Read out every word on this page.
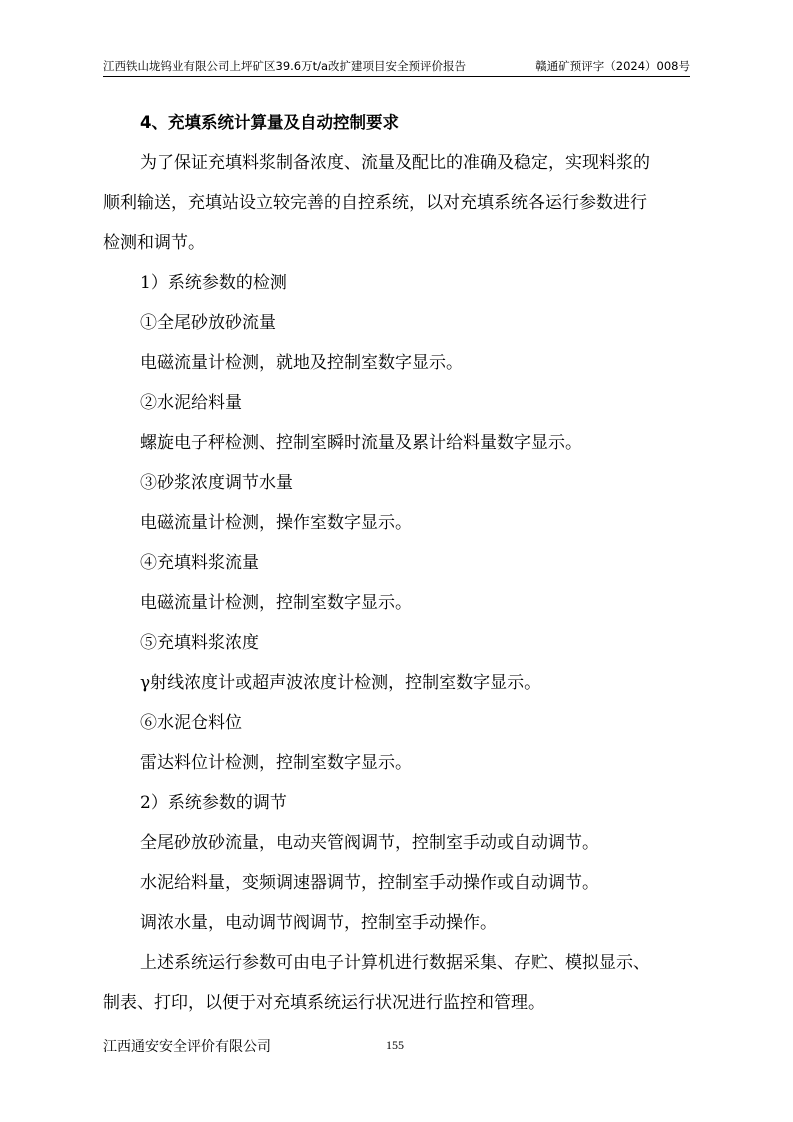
江西铁山垅钨业有限公司上坪矿区39.6万t/a改扩建项目安全预评价报告	赣通矿预评字（2024）008号
4、充填系统计算量及自动控制要求
为了保证充填料浆制备浓度、流量及配比的准确及稳定，实现料浆的
顺利输送，充填站设立较完善的自控系统，以对充填系统各运行参数进行
检测和调节。
1）系统参数的检测
①全尾砂放砂流量
电磁流量计检测，就地及控制室数字显示。
②水泥给料量
螺旋电子秤检测、控制室瞬时流量及累计给料量数字显示。
③砂浆浓度调节水量
电磁流量计检测，操作室数字显示。
④充填料浆流量
电磁流量计检测，控制室数字显示。
⑤充填料浆浓度
γ射线浓度计或超声波浓度计检测，控制室数字显示。
⑥水泥仓料位
雷达料位计检测，控制室数字显示。
2）系统参数的调节
全尾砂放砂流量，电动夹管阀调节，控制室手动或自动调节。
水泥给料量，变频调速器调节，控制室手动操作或自动调节。
调浓水量，电动调节阀调节，控制室手动操作。
上述系统运行参数可由电子计算机进行数据采集、存贮、模拟显示、
制表、打印，以便于对充填系统运行状况进行监控和管理。
江西通安安全评价有限公司	155
